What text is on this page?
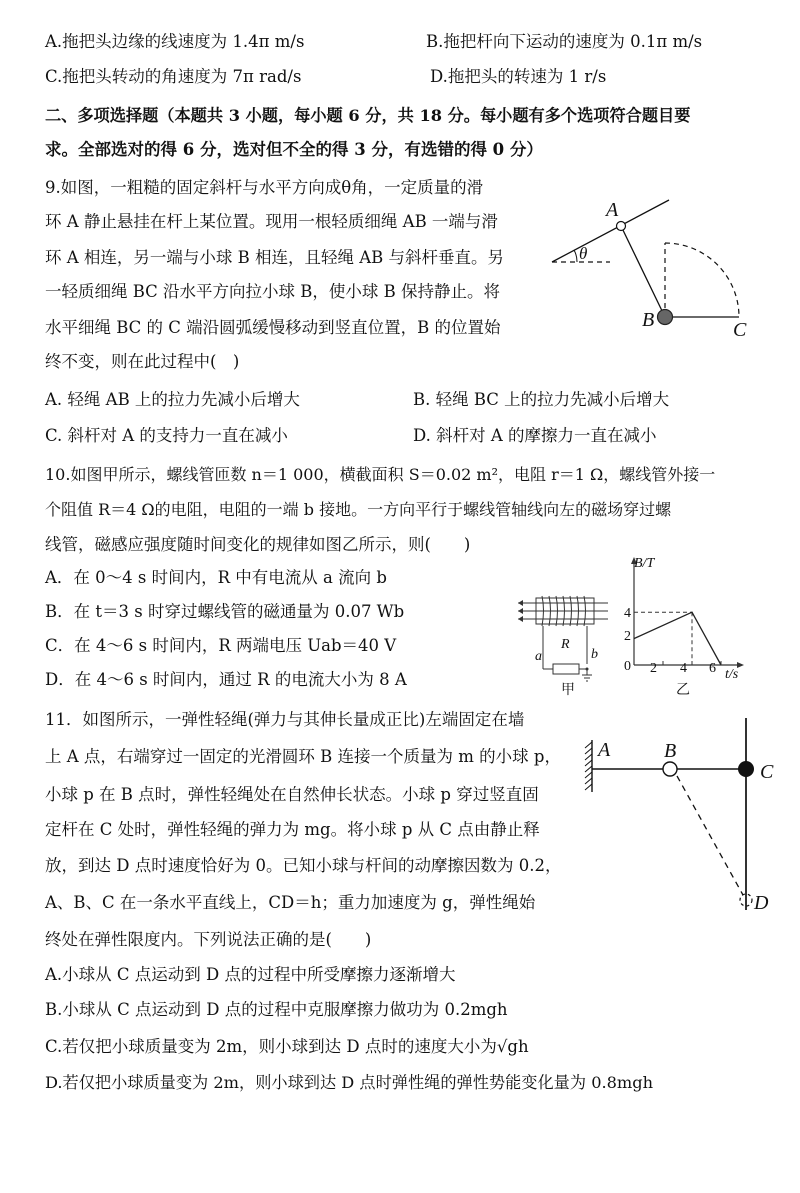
A.拖把头边缘的线速度为 1.4π m/s	B.拖把杆向下运动的速度为 0.1π m/s
C.拖把头转动的角速度为 7π rad/s	D.拖把头的转速为 1 r/s
二、多项选择题（本题共 3 小题，每小题 6 分，共 18 分。每小题有多个选项符合题目要
求。全部选对的得 6 分，选对但不全的得 3 分，有选错的得 0 分）
9.如图，一粗糙的固定斜杆与水平方向成θ角，一定质量的滑
环 A 静止悬挂在杆上某位置。现用一根轻质细绳 AB 一端与滑
环 A 相连，另一端与小球 B 相连，且轻绳 AB 与斜杆垂直。另
一轻质细绳 BC 沿水平方向拉小球 B，使小球 B 保持静止。将
水平细绳 BC 的 C 端沿圆弧缓慢移动到竖直位置，B 的位置始
终不变，则在此过程中(　)
A. 轻绳 AB 上的拉力先减小后增大	B. 轻绳 BC 上的拉力先减小后增大
C. 斜杆对 A 的支持力一直在减小	D. 斜杆对 A 的摩擦力一直在减小
A
θ
B	C
10.如图甲所示，螺线管匝数 n＝1 000，横截面积 S＝0.02 m²，电阻 r＝1 Ω，螺线管外接一
个阻值 R＝4 Ω的电阻，电阻的一端 b 接地。一方向平行于螺线管轴线向左的磁场穿过螺
线管，磁感应强度随时间变化的规律如图乙所示，则(　　)
A．在 0～4 s 时间内，R 中有电流从 a 流向 b
B．在 t＝3 s 时穿过螺线管的磁通量为 0.07 Wb
C．在 4～6 s 时间内，R 两端电压 Uab＝40 V
D．在 4～6 s 时间内，通过 R 的电流大小为 8 A
R
a	b
甲
B/T
t/s
0 2 4 6
2
4
乙
11．如图所示，一弹性轻绳(弹力与其伸长量成正比)左端固定在墙
上 A 点，右端穿过一固定的光滑圆环 B 连接一个质量为 m 的小球 p，
小球 p 在 B 点时，弹性轻绳处在自然伸长状态。小球 p 穿过竖直固
定杆在 C 处时，弹性轻绳的弹力为 mg。将小球 p 从 C 点由静止释
放，到达 D 点时速度恰好为 0。已知小球与杆间的动摩擦因数为 0.2，
A、B、C 在一条水平直线上，CD＝h；重力加速度为 g，弹性绳始
终处在弹性限度内。下列说法正确的是(　　)
A.小球从 C 点运动到 D 点的过程中所受摩擦力逐渐增大
B.小球从 C 点运动到 D 点的过程中克服摩擦力做功为 0.2mgh
C.若仅把小球质量变为 2m，则小球到达 D 点时的速度大小为√gh
D.若仅把小球质量变为 2m，则小球到达 D 点时弹性绳的弹性势能变化量为 0.8mgh
A	B
C
D
